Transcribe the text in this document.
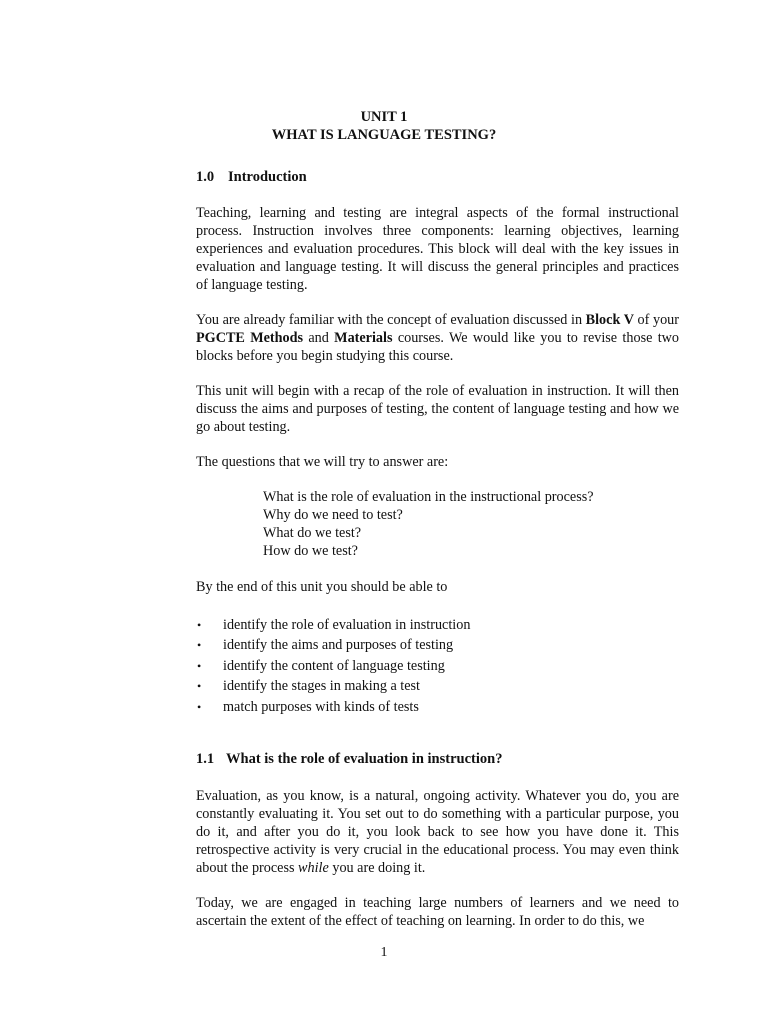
UNIT 1

WHAT IS LANGUAGE TESTING?

1.0 Introduction

Teaching, learning and testing are integral aspects of the formal instructional process. Instruction involves three components: learning objectives, learning experiences and evaluation procedures. This block will deal with the key issues in evaluation and language testing. It will discuss the general principles and practices of language testing.

You are already familiar with the concept of evaluation discussed in Block V of your PGCTE Methods and Materials courses. We would like you to revise those two blocks before you begin studying this course.

This unit will begin with a recap of the role of evaluation in instruction. It will then discuss the aims and purposes of testing, the content of language testing and how we go about testing.

The questions that we will try to answer are:

What is the role of evaluation in the instructional process?
Why do we need to test?
What do we test?
How do we test?

By the end of this unit you should be able to

• identify the role of evaluation in instruction
• identify the aims and purposes of testing
• identify the content of language testing
• identify the stages in making a test
• match purposes with kinds of tests

1.1 What is the role of evaluation in instruction?

Evaluation, as you know, is a natural, ongoing activity. Whatever you do, you are constantly evaluating it. You set out to do something with a particular purpose, you do it, and after you do it, you look back to see how you have done it. This retrospective activity is very crucial in the educational process. You may even think about the process while you are doing it.

Today, we are engaged in teaching large numbers of learners and we need to ascertain the extent of the effect of teaching on learning. In order to do this, we

1
